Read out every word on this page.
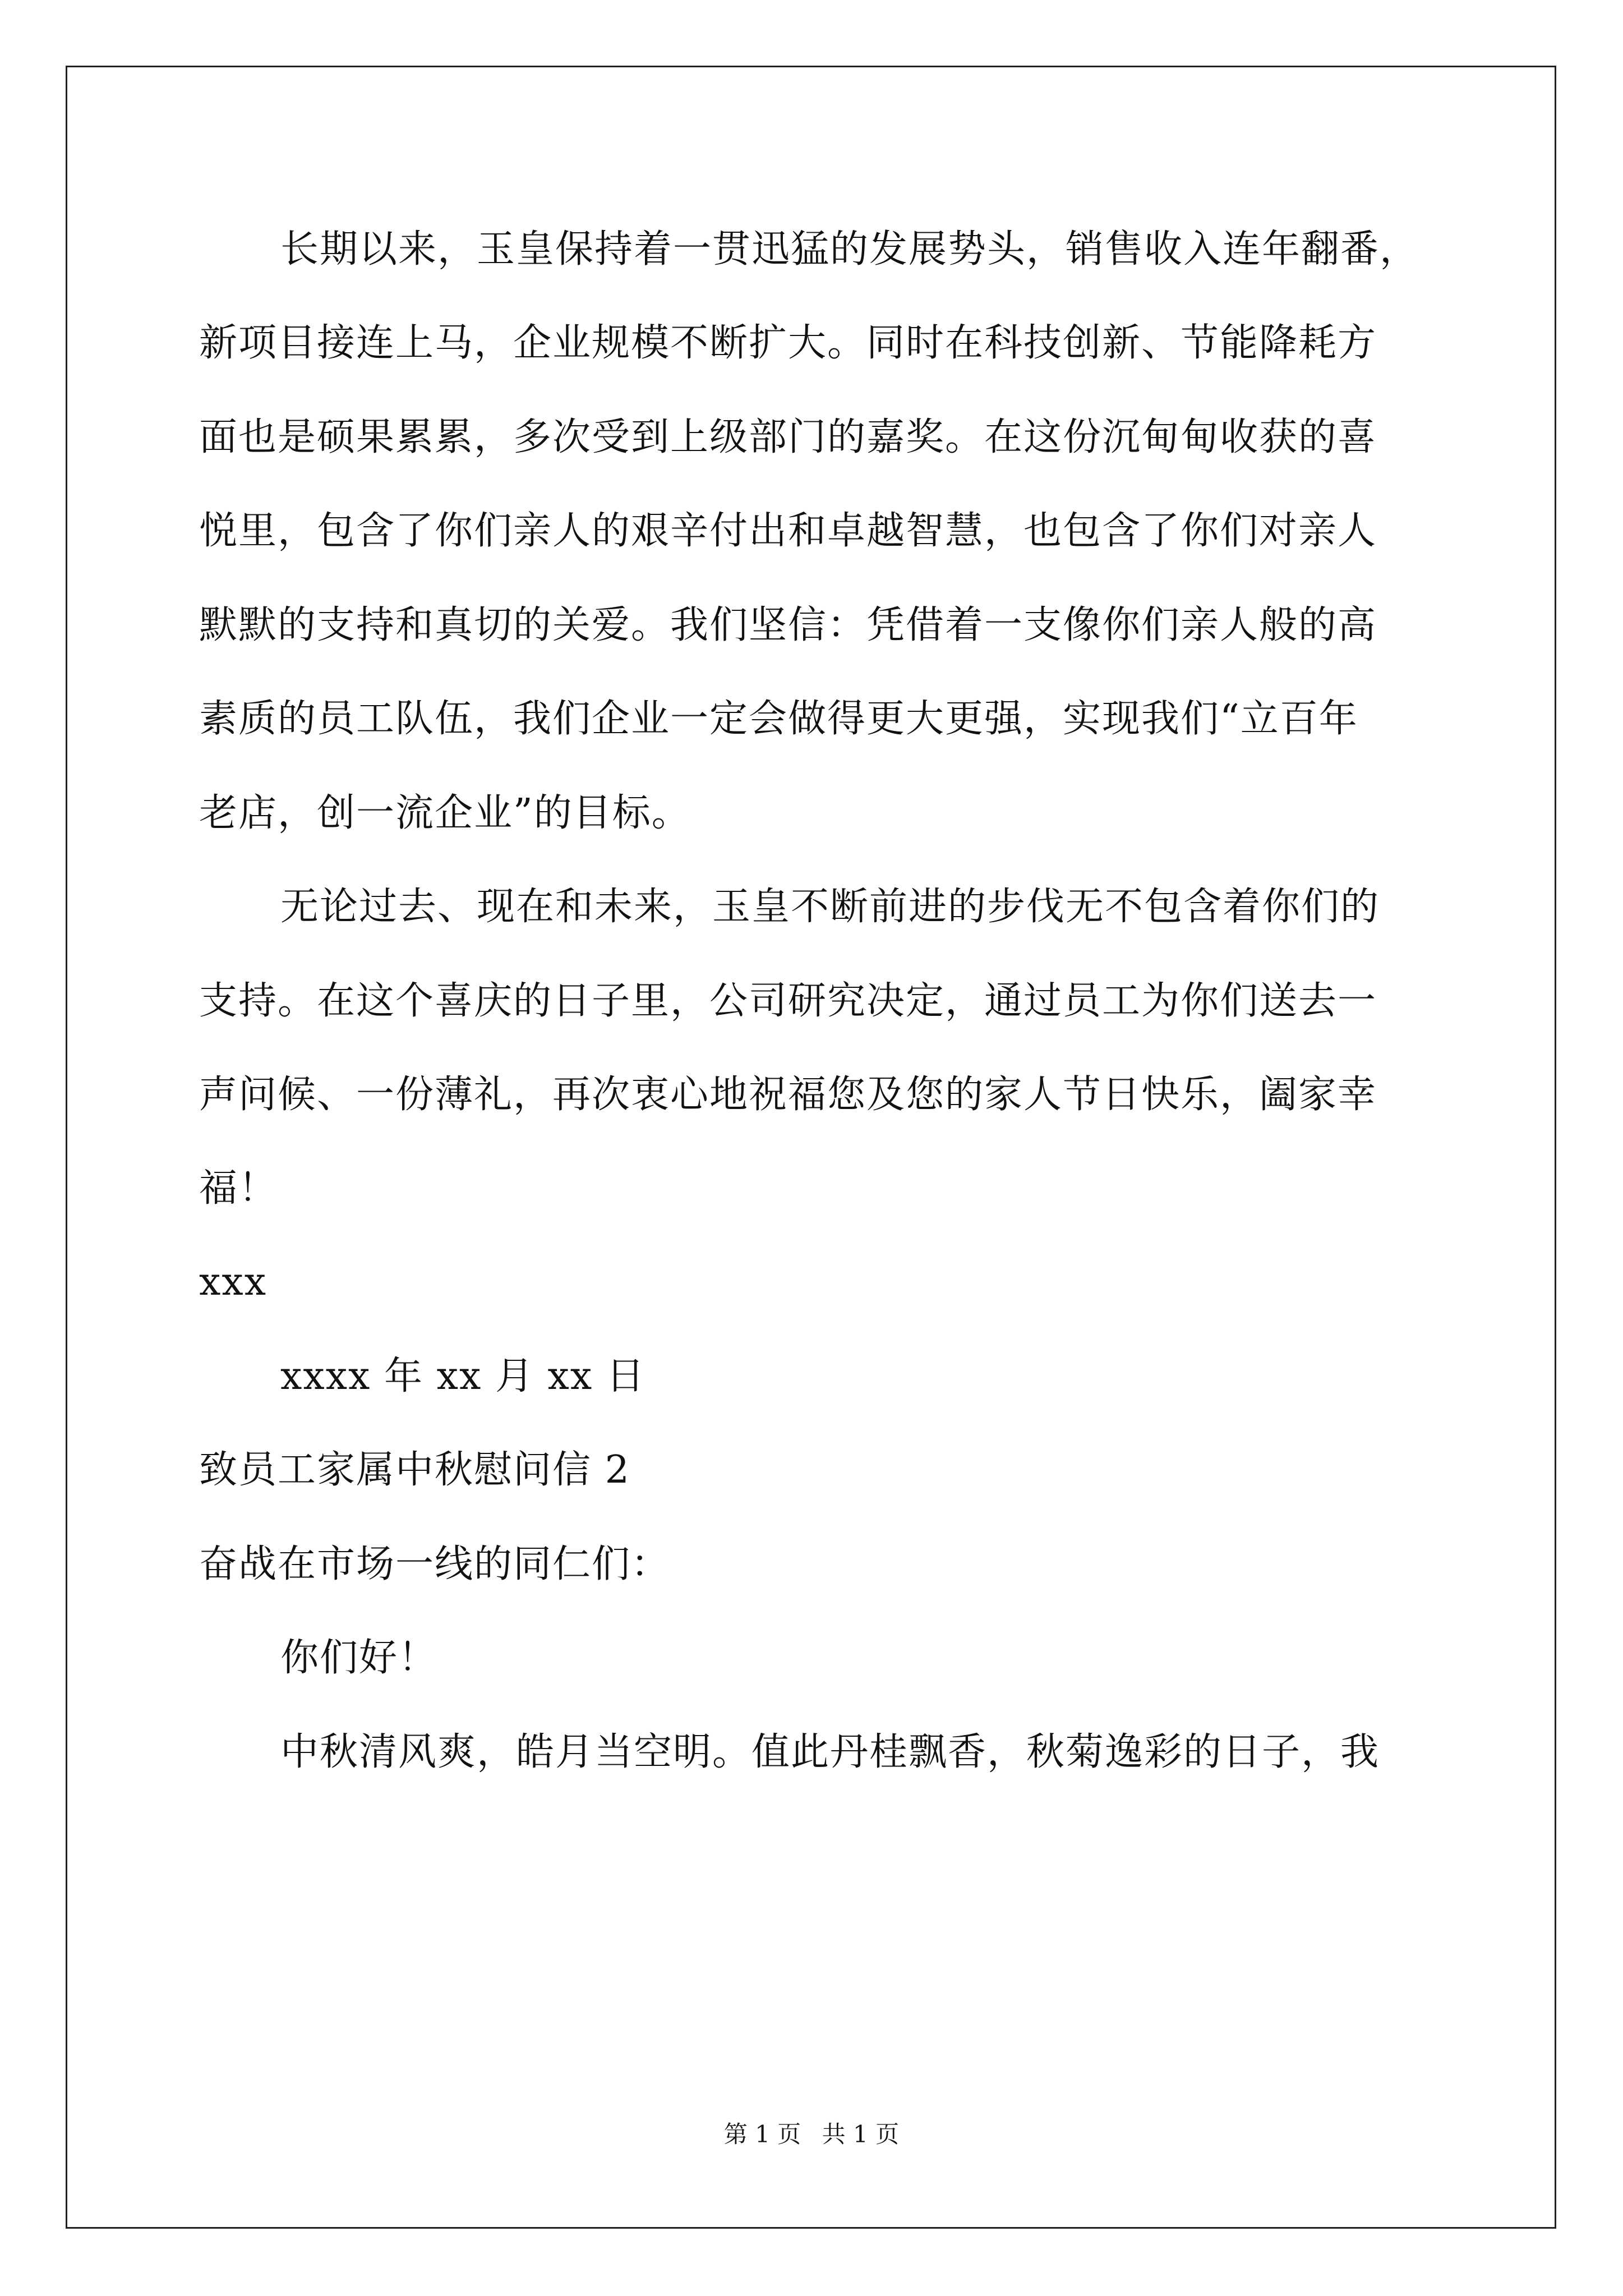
长期以来，玉皇保持着一贯迅猛的发展势头，销售收入连年翻番，
新项目接连上马，企业规模不断扩大。同时在科技创新、节能降耗方
面也是硕果累累，多次受到上级部门的嘉奖。在这份沉甸甸收获的喜
悦里，包含了你们亲人的艰辛付出和卓越智慧，也包含了你们对亲人
默默的支持和真切的关爱。我们坚信：凭借着一支像你们亲人般的高
素质的员工队伍，我们企业一定会做得更大更强，实现我们“立百年
老店，创一流企业”的目标。
无论过去、现在和未来，玉皇不断前进的步伐无不包含着你们的
支持。在这个喜庆的日子里，公司研究决定，通过员工为你们送去一
声问候、一份薄礼，再次衷心地祝福您及您的家人节日快乐，阖家幸
福！
xxx
xxxx 年 xx 月 xx 日
致员工家属中秋慰问信 2
奋战在市场一线的同仁们：
你们好！
中秋清风爽，皓月当空明。值此丹桂飘香，秋菊逸彩的日子，我
第 1 页 共 1 页
